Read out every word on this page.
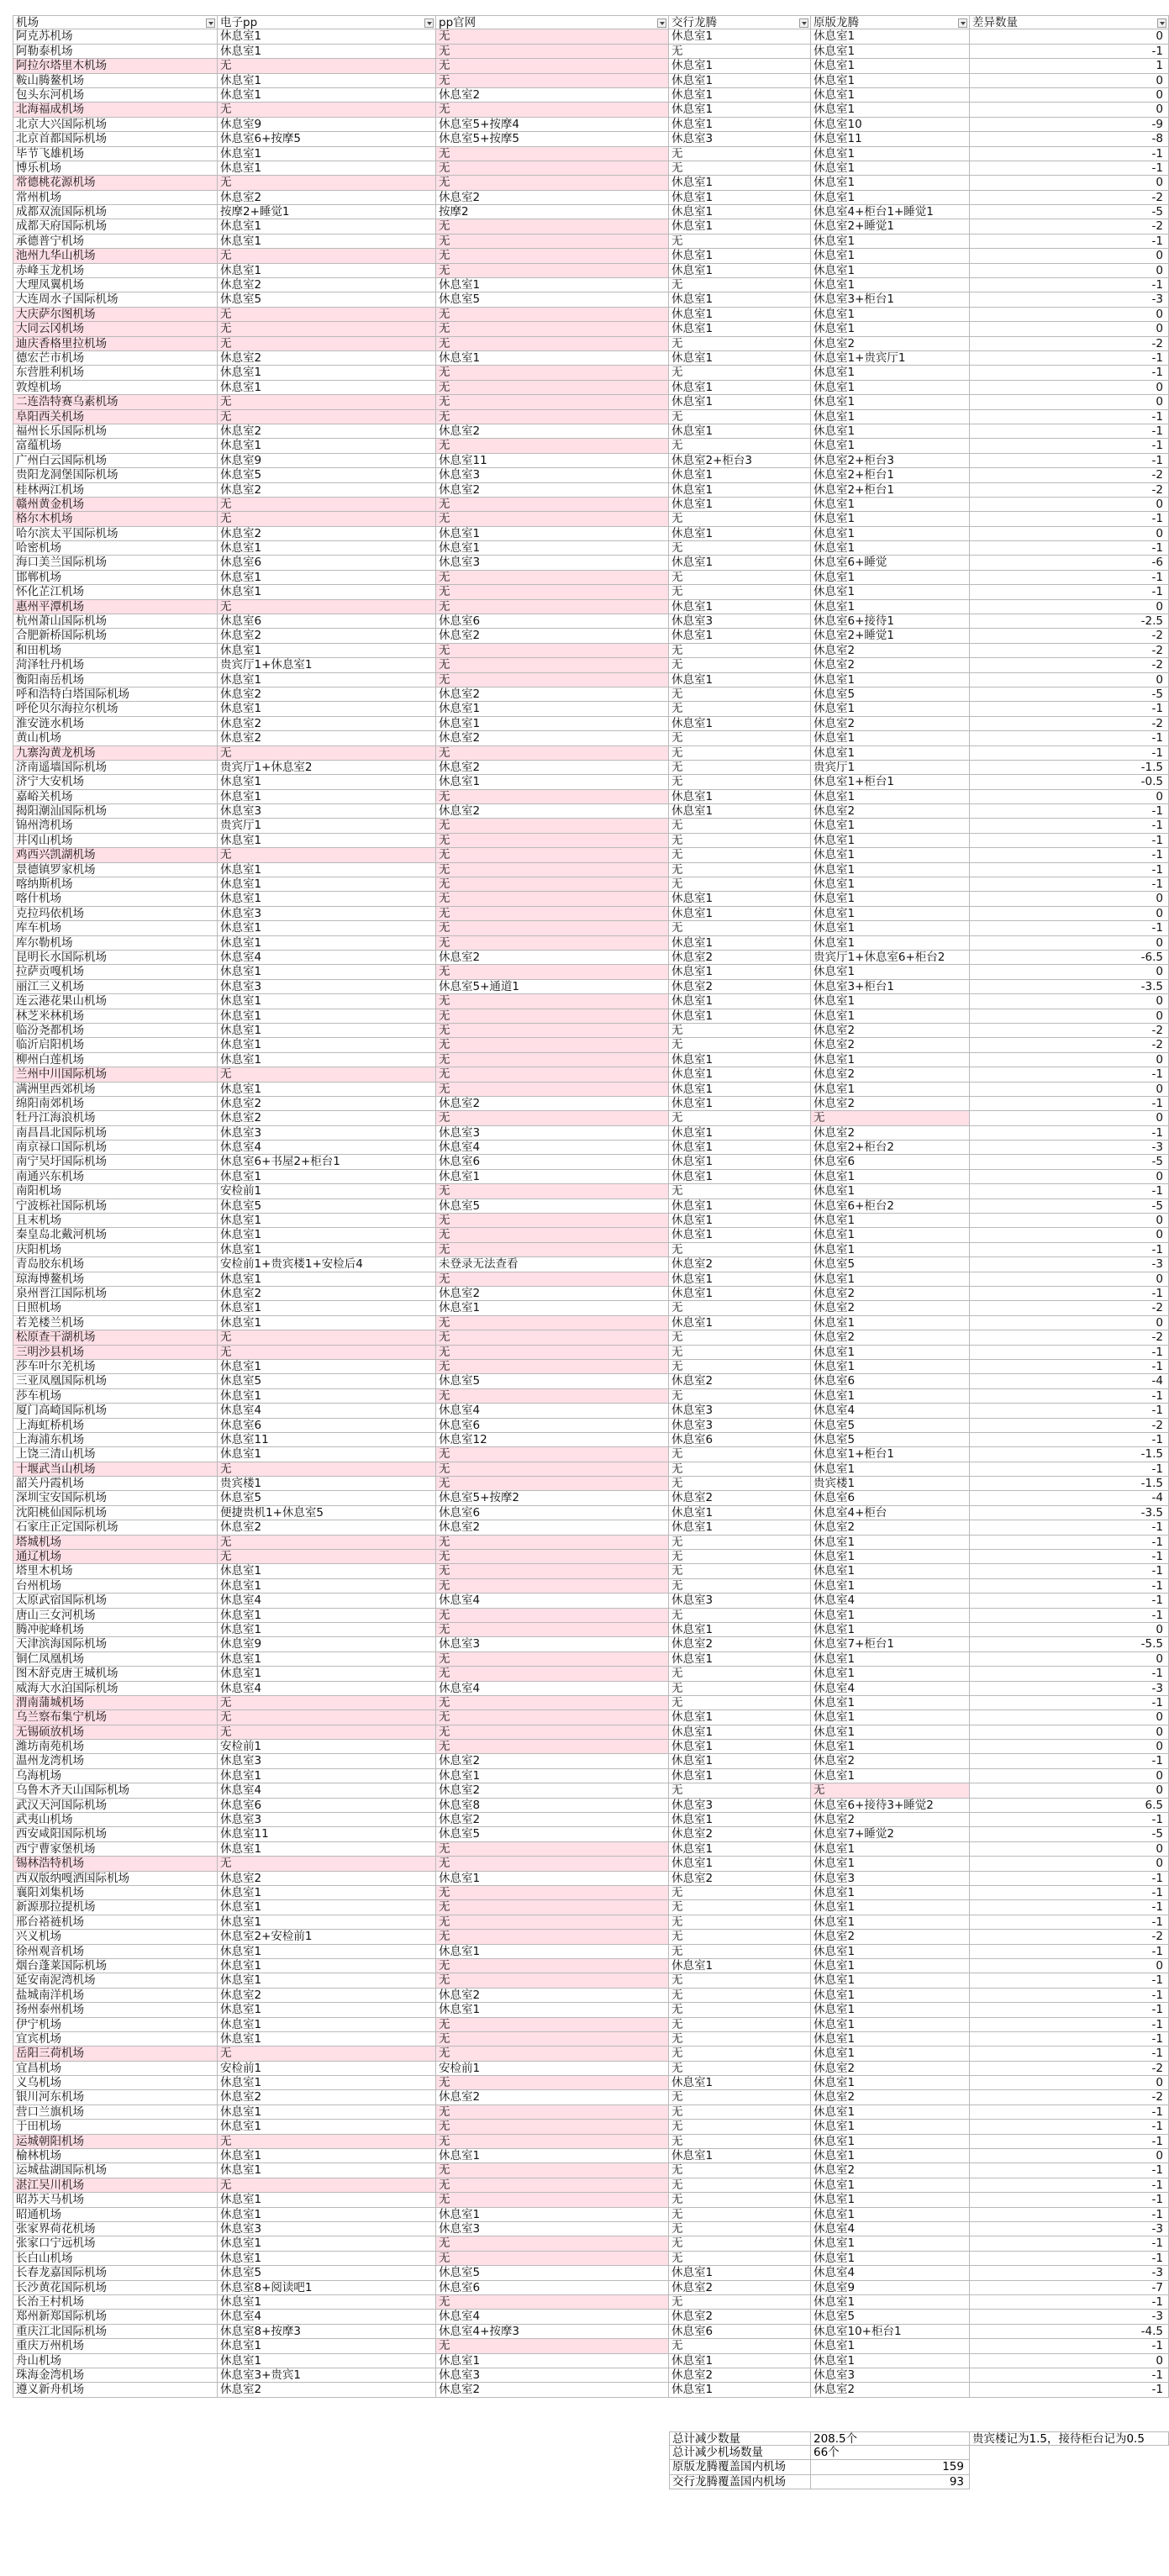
机场	电子pp	pp官网	交行龙腾	原版龙腾	差异数量
阿克苏机场	休息室1	无	休息室1	休息室1	0
阿勒泰机场	休息室1	无	无	休息室1	-1
阿拉尔塔里木机场	无	无	休息室1	休息室1	1
鞍山腾鳌机场	休息室1	无	休息室1	休息室1	0
包头东河机场	休息室1	休息室2	休息室1	休息室1	0
北海福成机场	无	无	休息室1	休息室1	0
北京大兴国际机场	休息室9	休息室5+按摩4	休息室1	休息室10	-9
北京首都国际机场	休息室6+按摩5	休息室5+按摩5	休息室3	休息室11	-8
毕节飞雄机场	休息室1	无	无	休息室1	-1
博乐机场	休息室1	无	无	休息室1	-1
常德桃花源机场	无	无	休息室1	休息室1	0
常州机场	休息室2	休息室2	休息室1	休息室1	-2
成都双流国际机场	按摩2+睡觉1	按摩2	休息室1	休息室4+柜台1+睡觉1	-5
成都天府国际机场	休息室1	无	休息室1	休息室2+睡觉1	-2
承德普宁机场	休息室1	无	无	休息室1	-1
池州九华山机场	无	无	休息室1	休息室1	0
赤峰玉龙机场	休息室1	无	休息室1	休息室1	0
大理凤翼机场	休息室2	休息室1	无	休息室1	-1
大连周水子国际机场	休息室5	休息室5	休息室1	休息室3+柜台1	-3
大庆萨尔图机场	无	无	休息室1	休息室1	0
大同云冈机场	无	无	休息室1	休息室1	0
迪庆香格里拉机场	无	无	无	休息室2	-2
德宏芒市机场	休息室2	休息室1	休息室1	休息室1+贵宾厅1	-1
东营胜利机场	休息室1	无	无	休息室1	-1
敦煌机场	休息室1	无	休息室1	休息室1	0
二连浩特赛乌素机场	无	无	休息室1	休息室1	0
阜阳西关机场	无	无	无	休息室1	-1
福州长乐国际机场	休息室2	休息室2	休息室1	休息室1	-1
富蕴机场	休息室1	无	无	休息室1	-1
广州白云国际机场	休息室9	休息室11	休息室2+柜台3	休息室2+柜台3	-1
贵阳龙洞堡国际机场	休息室5	休息室3	休息室1	休息室2+柜台1	-2
桂林两江机场	休息室2	休息室2	休息室1	休息室2+柜台1	-2
赣州黄金机场	无	无	休息室1	休息室1	0
格尔木机场	无	无	无	休息室1	-1
哈尔滨太平国际机场	休息室2	休息室1	休息室1	休息室1	0
哈密机场	休息室1	休息室1	无	休息室1	-1
海口美兰国际机场	休息室6	休息室3	休息室1	休息室6+睡觉	-6
邯郸机场	休息室1	无	无	休息室1	-1
怀化芷江机场	休息室1	无	无	休息室1	-1
惠州平潭机场	无	无	休息室1	休息室1	0
杭州萧山国际机场	休息室6	休息室6	休息室3	休息室6+接待1	-2.5
合肥新桥国际机场	休息室2	休息室2	休息室1	休息室2+睡觉1	-2
和田机场	休息室1	无	无	休息室2	-2
菏泽牡丹机场	贵宾厅1+休息室1	无	无	休息室2	-2
衡阳南岳机场	休息室1	无	休息室1	休息室1	0
呼和浩特白塔国际机场	休息室2	休息室2	无	休息室5	-5
呼伦贝尔海拉尔机场	休息室1	休息室1	无	休息室1	-1
淮安涟水机场	休息室2	休息室1	休息室1	休息室2	-2
黄山机场	休息室2	休息室2	无	休息室1	-1
九寨沟黄龙机场	无	无	无	休息室1	-1
济南遥墙国际机场	贵宾厅1+休息室2	休息室2	无	贵宾厅1	-1.5
济宁大安机场	休息室1	休息室1	无	休息室1+柜台1	-0.5
嘉峪关机场	休息室1	无	休息室1	休息室1	0
揭阳潮汕国际机场	休息室3	休息室2	休息室1	休息室2	-1
锦州湾机场	贵宾厅1	无	无	休息室1	-1
井冈山机场	休息室1	无	无	休息室1	-1
鸡西兴凯湖机场	无	无	无	休息室1	-1
景德镇罗家机场	休息室1	无	无	休息室1	-1
喀纳斯机场	休息室1	无	无	休息室1	-1
喀什机场	休息室1	无	休息室1	休息室1	0
克拉玛依机场	休息室3	无	休息室1	休息室1	0
库车机场	休息室1	无	无	休息室1	-1
库尔勒机场	休息室1	无	休息室1	休息室1	0
昆明长水国际机场	休息室4	休息室2	休息室2	贵宾厅1+休息室6+柜台2	-6.5
拉萨贡嘎机场	休息室1	无	休息室1	休息室1	0
丽江三义机场	休息室3	休息室5+通道1	休息室2	休息室3+柜台1	-3.5
连云港花果山机场	休息室1	无	休息室1	休息室1	0
林芝米林机场	休息室1	无	休息室1	休息室1	0
临汾尧都机场	休息室1	无	无	休息室2	-2
临沂启阳机场	休息室1	无	无	休息室2	-2
柳州白莲机场	休息室1	无	休息室1	休息室1	0
兰州中川国际机场	无	无	休息室1	休息室2	-1
满洲里西郊机场	休息室1	无	休息室1	休息室1	0
绵阳南郊机场	休息室2	休息室2	休息室1	休息室2	-1
牡丹江海浪机场	休息室2	无	无	无	0
南昌昌北国际机场	休息室3	休息室3	休息室1	休息室2	-1
南京禄口国际机场	休息室4	休息室4	休息室1	休息室2+柜台2	-3
南宁吴圩国际机场	休息室6+书屋2+柜台1	休息室6	休息室1	休息室6	-5
南通兴东机场	休息室1	休息室1	休息室1	休息室1	0
南阳机场	安检前1	无	无	休息室1	-1
宁波栎社国际机场	休息室5	休息室5	休息室1	休息室6+柜台2	-5
且末机场	休息室1	无	休息室1	休息室1	0
秦皇岛北戴河机场	休息室1	无	休息室1	休息室1	0
庆阳机场	休息室1	无	无	休息室1	-1
青岛胶东机场	安检前1+贵宾楼1+安检后4	未登录无法查看	休息室2	休息室5	-3
琼海博鳌机场	休息室1	无	休息室1	休息室1	0
泉州晋江国际机场	休息室2	休息室2	休息室1	休息室2	-1
日照机场	休息室1	休息室1	无	休息室2	-2
若羌楼兰机场	休息室1	无	休息室1	休息室1	0
松原查干湖机场	无	无	无	休息室2	-2
三明沙县机场	无	无	无	休息室1	-1
莎车叶尔羌机场	休息室1	无	无	休息室1	-1
三亚凤凰国际机场	休息室5	休息室5	休息室2	休息室6	-4
莎车机场	休息室1	无	无	休息室1	-1
厦门高崎国际机场	休息室4	休息室4	休息室3	休息室4	-1
上海虹桥机场	休息室6	休息室6	休息室3	休息室5	-2
上海浦东机场	休息室11	休息室12	休息室6	休息室5	-1
上饶三清山机场	休息室1	无	无	休息室1+柜台1	-1.5
十堰武当山机场	无	无	无	休息室1	-1
韶关丹霞机场	贵宾楼1	无	无	贵宾楼1	-1.5
深圳宝安国际机场	休息室5	休息室5+按摩2	休息室2	休息室6	-4
沈阳桃仙国际机场	便捷贵机1+休息室5	休息室6	休息室1	休息室4+柜台	-3.5
石家庄正定国际机场	休息室2	休息室2	休息室1	休息室2	-1
塔城机场	无	无	无	休息室1	-1
通辽机场	无	无	无	休息室1	-1
塔里木机场	休息室1	无	无	休息室1	-1
台州机场	休息室1	无	无	休息室1	-1
太原武宿国际机场	休息室4	休息室4	休息室3	休息室4	-1
唐山三女河机场	休息室1	无	无	休息室1	-1
腾冲驼峰机场	休息室1	无	休息室1	休息室1	0
天津滨海国际机场	休息室9	休息室3	休息室2	休息室7+柜台1	-5.5
铜仁凤凰机场	休息室1	无	休息室1	休息室1	0
图木舒克唐王城机场	休息室1	无	无	休息室1	-1
威海大水泊国际机场	休息室4	休息室4	无	休息室4	-3
渭南蒲城机场	无	无	无	休息室1	-1
乌兰察布集宁机场	无	无	休息室1	休息室1	0
无锡硕放机场	无	无	休息室1	休息室1	0
潍坊南苑机场	安检前1	无	休息室1	休息室1	0
温州龙湾机场	休息室3	休息室2	休息室1	休息室2	-1
乌海机场	休息室1	休息室1	休息室1	休息室1	0
乌鲁木齐天山国际机场	休息室4	休息室2	无	无	0
武汉天河国际机场	休息室6	休息室8	休息室3	休息室6+接待3+睡觉2	6.5
武夷山机场	休息室3	休息室2	休息室1	休息室2	-1
西安咸阳国际机场	休息室11	休息室5	休息室2	休息室7+睡觉2	-5
西宁曹家堡机场	休息室1	无	休息室1	休息室1	0
锡林浩特机场	无	无	休息室1	休息室1	0
西双版纳嘎洒国际机场	休息室2	休息室1	休息室2	休息室3	-1
襄阳刘集机场	休息室1	无	无	休息室1	-1
新源那拉提机场	休息室1	无	无	休息室1	-1
邢台褡裢机场	休息室1	无	无	休息室1	-1
兴义机场	休息室2+安检前1	无	无	休息室2	-2
徐州观音机场	休息室1	休息室1	无	休息室1	-1
烟台蓬莱国际机场	休息室1	无	休息室1	休息室1	0
延安南泥湾机场	休息室1	无	无	休息室1	-1
盐城南洋机场	休息室2	休息室2	无	休息室1	-1
扬州泰州机场	休息室1	休息室1	无	休息室1	-1
伊宁机场	休息室1	无	无	休息室1	-1
宜宾机场	休息室1	无	无	休息室1	-1
岳阳三荷机场	无	无	无	休息室1	-1
宜昌机场	安检前1	安检前1	无	休息室2	-2
义乌机场	休息室1	无	休息室1	休息室1	0
银川河东机场	休息室2	休息室2	无	休息室2	-2
营口兰旗机场	休息室1	无	无	休息室1	-1
于田机场	休息室1	无	无	休息室1	-1
运城朝阳机场	无	无	无	休息室1	-1
榆林机场	休息室1	休息室1	休息室1	休息室1	0
运城盐湖国际机场	休息室1	无	无	休息室2	-1
湛江吴川机场	无	无	无	休息室1	-1
昭苏天马机场	休息室1	无	无	休息室1	-1
昭通机场	休息室1	休息室1	无	休息室1	-1
张家界荷花机场	休息室3	休息室3	无	休息室4	-3
张家口宁远机场	休息室1	无	无	休息室1	-1
长白山机场	休息室1	无	无	休息室1	-1
长春龙嘉国际机场	休息室5	休息室5	休息室1	休息室4	-3
长沙黄花国际机场	休息室8+阅读吧1	休息室6	休息室2	休息室9	-7
长治王村机场	休息室1	无	无	休息室1	-1
郑州新郑国际机场	休息室4	休息室4	休息室2	休息室5	-3
重庆江北国际机场	休息室8+按摩3	休息室4+按摩3	休息室6	休息室10+柜台1	-4.5
重庆万州机场	休息室1	无	无	休息室1	-1
舟山机场	休息室1	休息室1	休息室1	休息室1	0
珠海金湾机场	休息室3+贵宾1	休息室3	休息室2	休息室3	-1
遵义新舟机场	休息室2	休息室2	休息室1	休息室2	-1
总计减少数量	208.5个	贵宾楼记为1.5，接待柜台记为0.5
总计减少机场数量	66个
原版龙腾覆盖国内机场	159
交行龙腾覆盖国内机场	93
